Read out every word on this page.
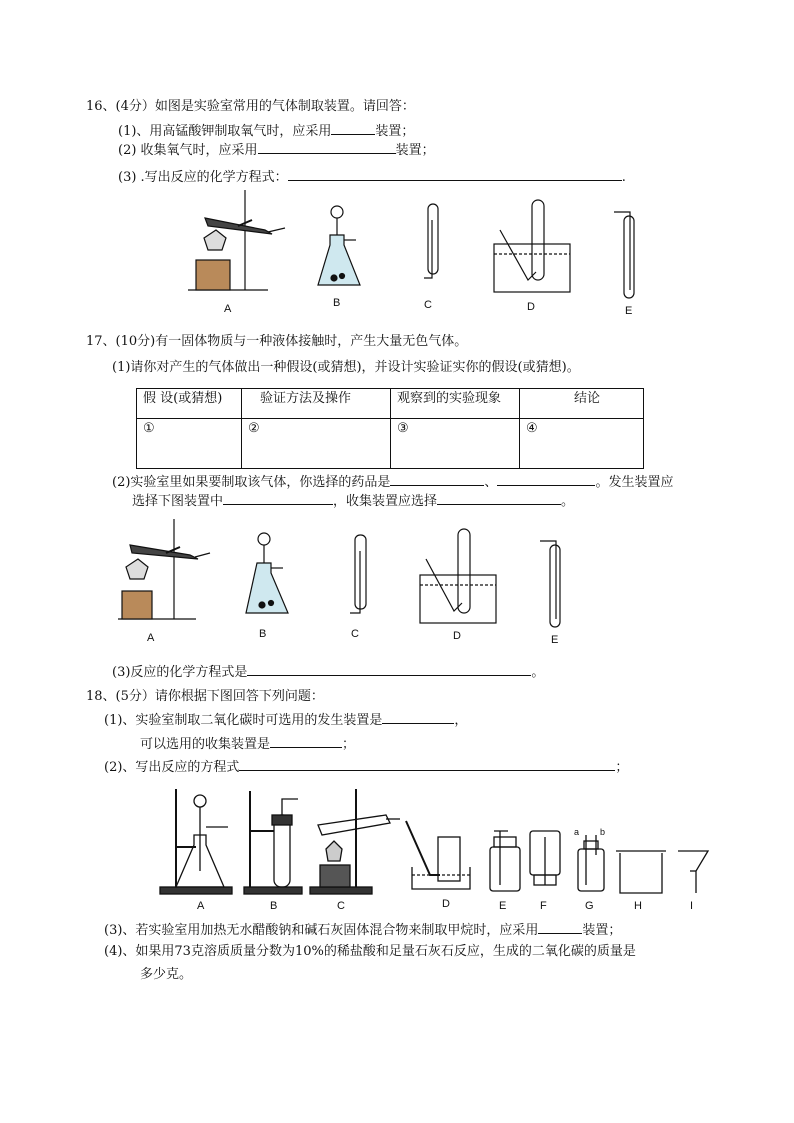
16、(4分）如图是实验室常用的气体制取装置。请回答：
(1)、用高锰酸钾制取氧气时，应采用	装置；
(2) 收集氧气时，应采用	装置；
(3) .写出反应的化学方程式：	.
A	B	C	D	E
17、(10分)有一固体物质与一种液体接触时，产生大量无色气体。
(1)请你对产生的气体做出一种假设(或猜想)，并设计实验证实你的假设(或猜想)。
假 设(或猜想)	验证方法及操作	观察到的实验现象	结论
①	②	③	④
(2)实验室里如果要制取该气体，你选择的药品是	、	。发生装置应
选择下图装置中	，收集装置应选择	。
A	B	C	D	E
(3)反应的化学方程式是	。
18、(5分）请你根据下图回答下列问题：
(1)、实验室制取二氧化碳时可选用的发生装置是	，
可以选用的收集装置是	；
(2)、写出反应的方程式	；
A	B	C	D	E	F	G	H	I
a b
(3)、若实验室用加热无水醋酸钠和碱石灰固体混合物来制取甲烷时，应采用	装置；
(4)、如果用73克溶质质量分数为10%的稀盐酸和足量石灰石反应，生成的二氧化碳的质量是
多少克。
